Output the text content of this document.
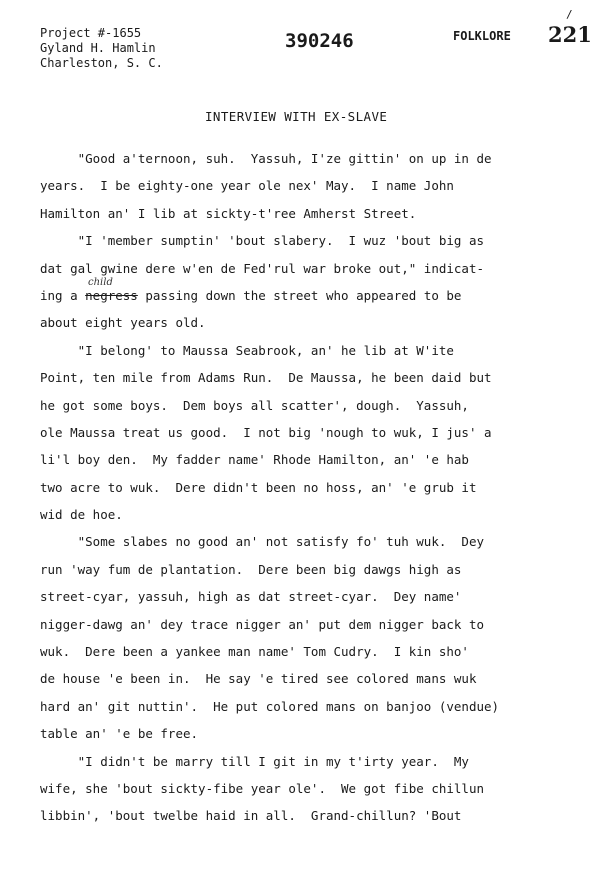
Project #-1655
Gyland H. Hamlin
Charleston, S. C.
390246	FOLKLORE
/
221
INTERVIEW WITH EX-SLAVE
"Good a'ternoon, suh.  Yassuh, I'ze gittin' on up in de
years.  I be eighty-one year ole nex' May.  I name John
Hamilton an' I lib at sickty-t'ree Amherst Street.
"I 'member sumptin' 'bout slabery.  I wuz 'bout big as
dat gal gwine dere w'en de Fed'rul war broke out," indicat-
ing a negress passing down the street who appeared to be
about eight years old.
"I belong' to Maussa Seabrook, an' he lib at W'ite
Point, ten mile from Adams Run.  De Maussa, he been daid but
he got some boys.  Dem boys all scatter', dough.  Yassuh,
ole Maussa treat us good.  I not big 'nough to wuk, I jus' a
li'l boy den.  My fadder name' Rhode Hamilton, an' 'e hab
two acre to wuk.  Dere didn't been no hoss, an' 'e grub it
wid de hoe.
"Some slabes no good an' not satisfy fo' tuh wuk.  Dey
run 'way fum de plantation.  Dere been big dawgs high as
street-cyar, yassuh, high as dat street-cyar.  Dey name'
nigger-dawg an' dey trace nigger an' put dem nigger back to
wuk.  Dere been a yankee man name' Tom Cudry.  I kin sho'
de house 'e been in.  He say 'e tired see colored mans wuk
hard an' git nuttin'.  He put colored mans on banjoo (vendue)
table an' 'e be free.
"I didn't be marry till I git in my t'irty year.  My
wife, she 'bout sickty-fibe year ole'.  We got fibe chillun
libbin', 'bout twelbe haid in all.  Grand-chillun? 'Bout
child
